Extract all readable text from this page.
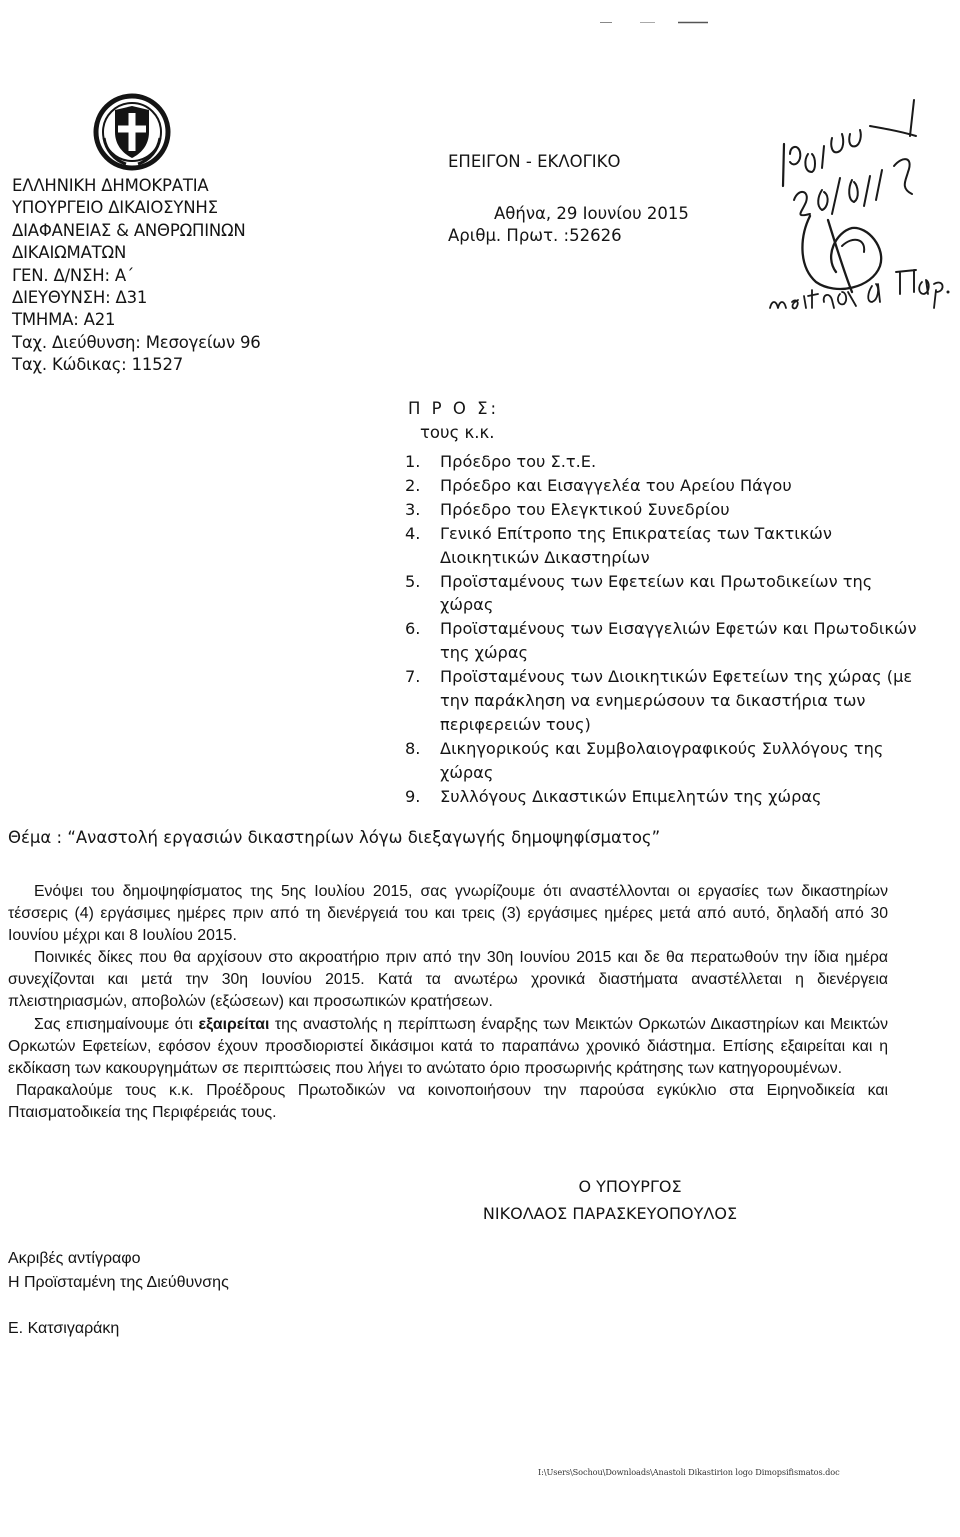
ΕΛΛΗΝΙΚΗ ΔΗΜΟΚΡΑΤΙΑ
ΥΠΟΥΡΓΕΙΟ ΔΙΚΑΙΟΣΥΝΗΣ
ΔΙΑΦΑΝΕΙΑΣ & ΑΝΘΡΩΠΙΝΩΝ
ΔΙΚΑΙΩΜΑΤΩΝ
ΓΕΝ. Δ/ΝΣΗ: Α΄
ΔΙΕΥΘΥΝΣΗ: Δ31
ΤΜΗΜΑ: Α21
Ταχ. Διεύθυνση: Μεσογείων 96
Ταχ. Κώδικας: 11527
ΕΠΕΙΓΟΝ - ΕΚΛΟΓΙΚΟ
Αθήνα, 29 Ιουνίου 2015
Αριθμ. Πρωτ. :52626
Π Ρ Ο Σ:
τους κ.κ.
1. Πρόεδρο του Σ.τ.Ε.
2. Πρόεδρο και Εισαγγελέα του Αρείου Πάγου
3. Πρόεδρο του Ελεγκτικού Συνεδρίου
4. Γενικό Επίτροπο της Επικρατείας των Τακτικών Διοικητικών Δικαστηρίων
5. Προϊσταμένους των Εφετείων και Πρωτοδικείων της χώρας
6. Προϊσταμένους των Εισαγγελιών Εφετών και Πρωτοδικών της χώρας
7. Προϊσταμένους των Διοικητικών Εφετείων της χώρας (με την παράκληση να ενημερώσουν τα δικαστήρια των περιφερειών τους)
8. Δικηγορικούς και Συμβολαιογραφικούς Συλλόγους της χώρας
9. Συλλόγους Δικαστικών Επιμελητών της χώρας
Θέμα : “Αναστολή εργασιών δικαστηρίων λόγω διεξαγωγής δημοψηφίσματος”

Ενόψει του δημοψηφίσματος της 5ης Ιουλίου 2015, σας γνωρίζουμε ότι αναστέλλονται οι εργασίες των δικαστηρίων τέσσερις (4) εργάσιμες ημέρες πριν από τη διενέργειά του και τρεις (3) εργάσιμες ημέρες μετά από αυτό, δηλαδή από 30 Ιουνίου μέχρι και 8 Ιουλίου 2015.

Ποινικές δίκες που θα αρχίσουν στο ακροατήριο πριν από την 30η Ιουνίου 2015 και δε θα περατωθούν την ίδια ημέρα συνεχίζονται και μετά την 30η Ιουνίου 2015. Κατά τα ανωτέρω χρονικά διαστήματα αναστέλλεται η διενέργεια πλειστηριασμών, αποβολών (εξώσεων) και προσωπικών κρατήσεων.

Σας επισημαίνουμε ότι εξαιρείται της αναστολής η περίπτωση έναρξης των Μεικτών Ορκωτών Δικαστηρίων και Μεικτών Ορκωτών Εφετείων, εφόσον έχουν προσδιοριστεί δικάσιμοι κατά το παραπάνω χρονικό διάστημα. Επίσης εξαιρείται και η εκδίκαση των κακουργημάτων σε περιπτώσεις που λήγει το ανώτατο όριο προσωρινής κράτησης των κατηγορουμένων.

Παρακαλούμε τους κ.κ. Προέδρους Πρωτοδικών να κοινοποιήσουν την παρούσα εγκύκλιο στα Ειρηνοδικεία και Πταισματοδικεία της Περιφέρειάς τους.

Ο ΥΠΟΥΡΓΟΣ
ΝΙΚΟΛΑΟΣ ΠΑΡΑΣΚΕΥΟΠΟΥΛΟΣ
Ακριβές αντίγραφο
Η Προϊσταμένη της Διεύθυνσης
Ε. Κατσιγαράκη
I:\Users\Sochou\Downloads\Anastoli Dikastirion logo Dimopsifismatos.doc
